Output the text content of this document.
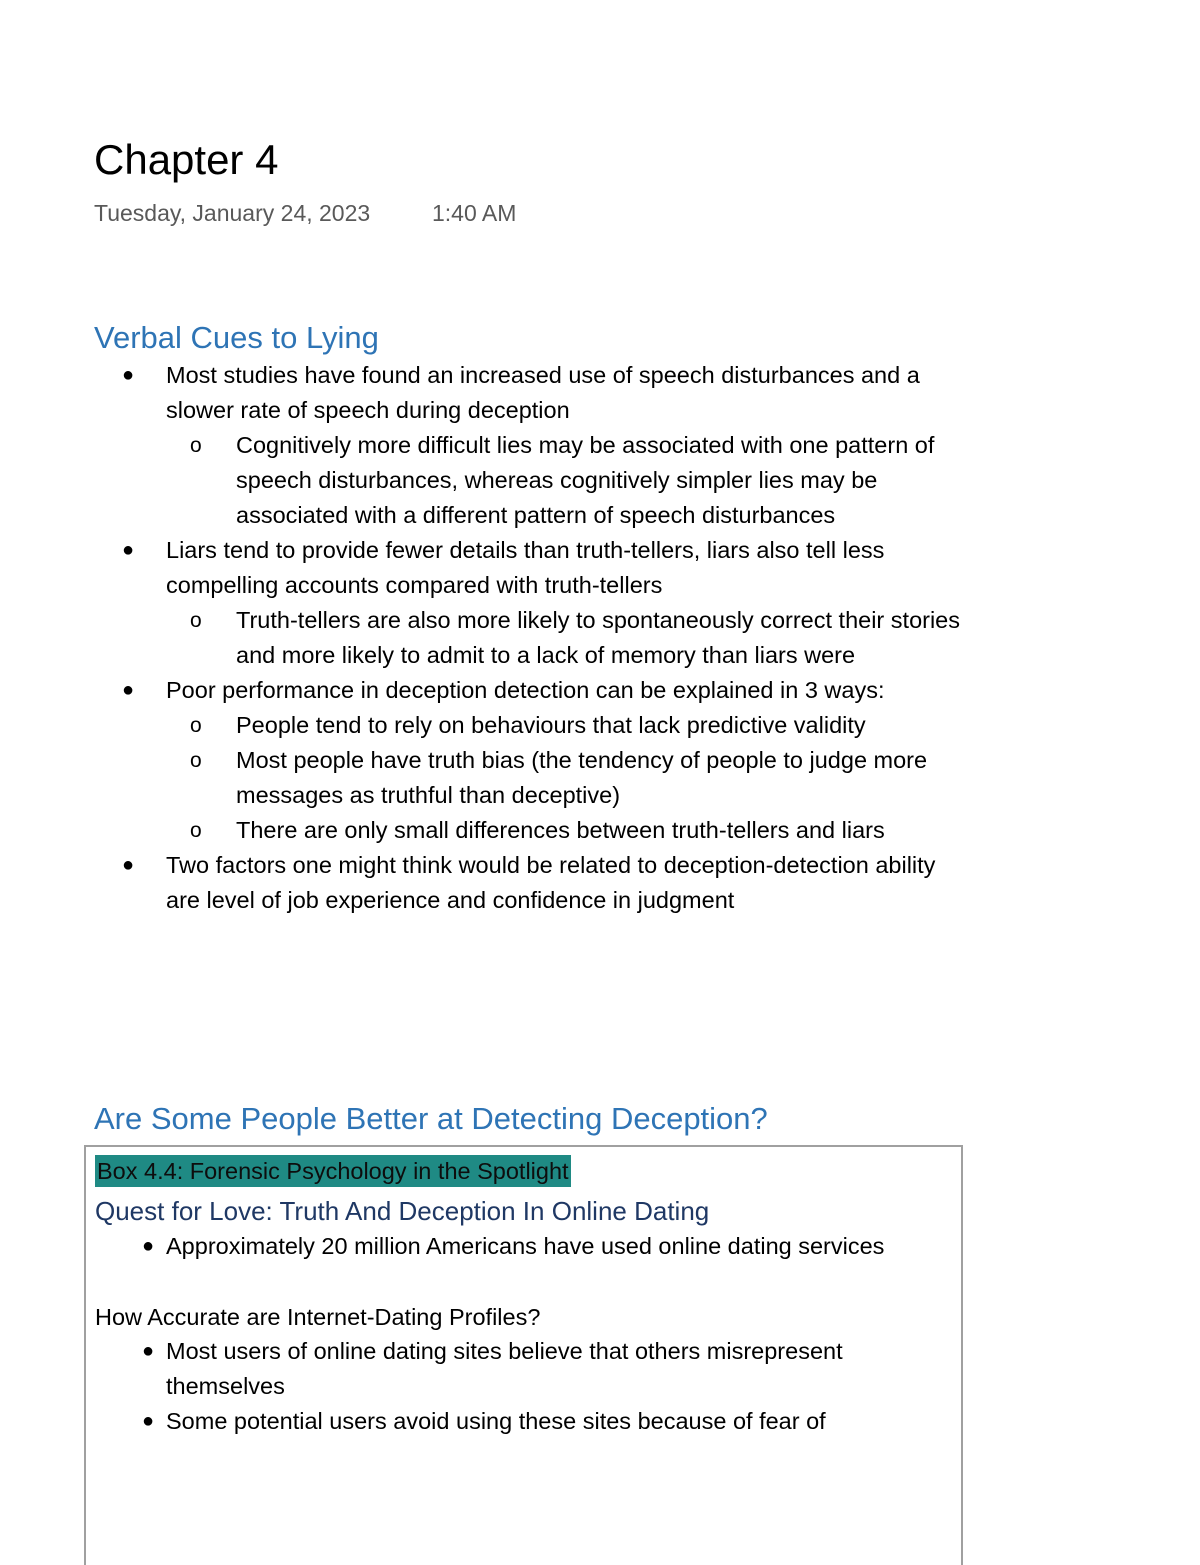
Chapter 4
Tuesday, January 24, 2023	1:40 AM
Verbal Cues to Lying
● Most studies have found an increased use of speech disturbances and a slower rate of speech during deception
o Cognitively more difficult lies may be associated with one pattern of speech disturbances, whereas cognitively simpler lies may be associated with a different pattern of speech disturbances
● Liars tend to provide fewer details than truth-tellers, liars also tell less compelling accounts compared with truth-tellers
o Truth-tellers are also more likely to spontaneously correct their stories and more likely to admit to a lack of memory than liars were
● Poor performance in deception detection can be explained in 3 ways:
o People tend to rely on behaviours that lack predictive validity
o Most people have truth bias (the tendency of people to judge more messages as truthful than deceptive)
o There are only small differences between truth-tellers and liars
● Two factors one might think would be related to deception-detection ability are level of job experience and confidence in judgment
Are Some People Better at Detecting Deception?
Box 4.4: Forensic Psychology in the Spotlight
Quest for Love: Truth And Deception In Online Dating
● Approximately 20 million Americans have used online dating services
How Accurate are Internet-Dating Profiles?
● Most users of online dating sites believe that others misrepresent themselves
● Some potential users avoid using these sites because of fear of
